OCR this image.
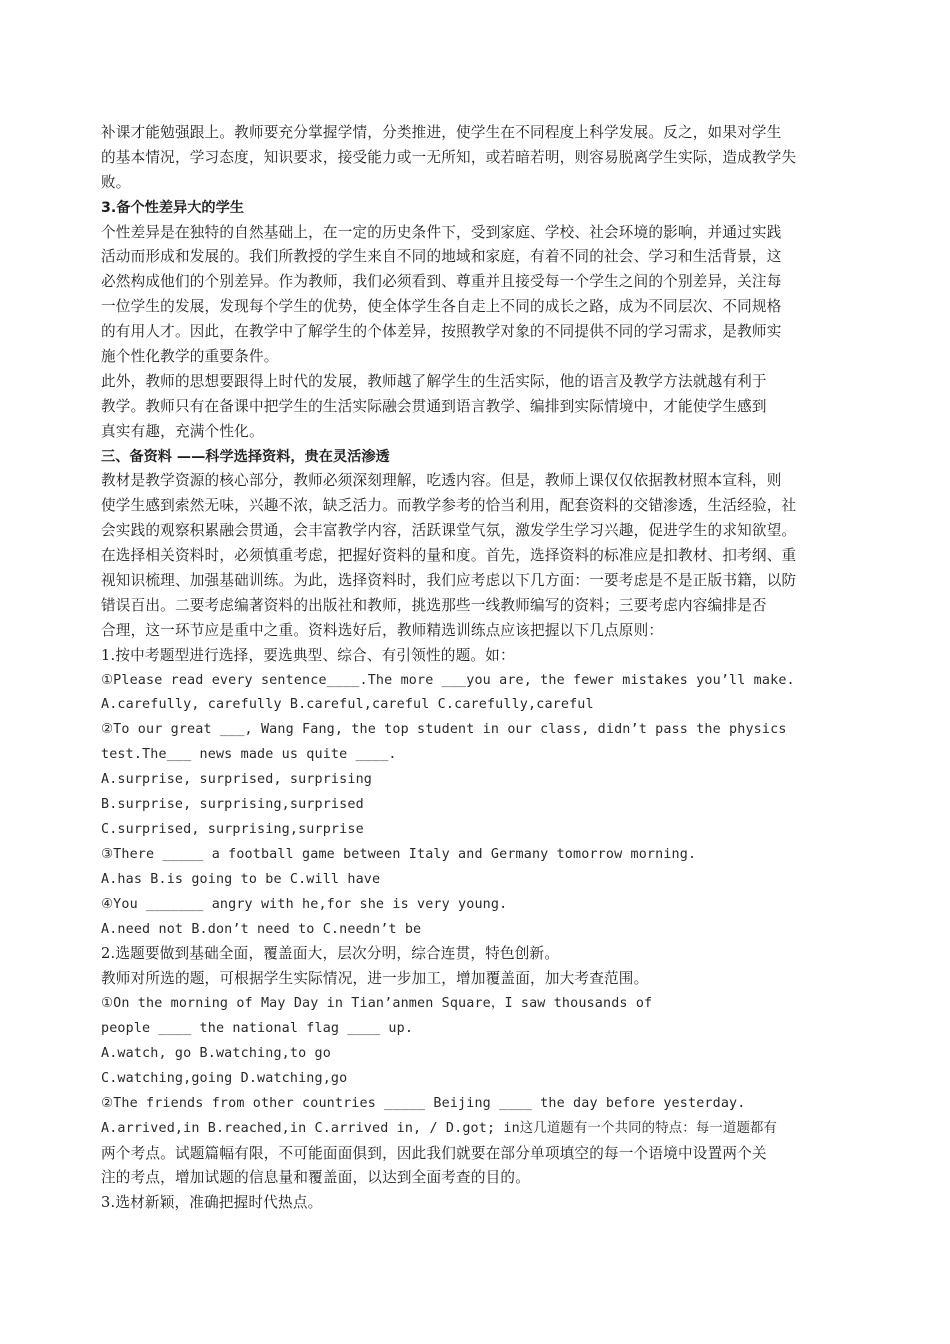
补课才能勉强跟上。教师要充分掌握学情，分类推进，使学生在不同程度上科学发展。反之，如果对学生
的基本情况，学习态度，知识要求，接受能力或一无所知，或若暗若明，则容易脱离学生实际，造成教学失
败。
3.备个性差异大的学生
个性差异是在独特的自然基础上，在一定的历史条件下，受到家庭、学校、社会环境的影响，并通过实践
活动而形成和发展的。我们所教授的学生来自不同的地域和家庭，有着不同的社会、学习和生活背景，这
必然构成他们的个别差异。作为教师，我们必须看到、尊重并且接受每一个学生之间的个别差异，关注每
一位学生的发展，发现每个学生的优势，使全体学生各自走上不同的成长之路，成为不同层次、不同规格
的有用人才。因此，在教学中了解学生的个体差异，按照教学对象的不同提供不同的学习需求，是教师实
施个性化教学的重要条件。
此外，教师的思想要跟得上时代的发展，教师越了解学生的生活实际，他的语言及教学方法就越有利于
教学。教师只有在备课中把学生的生活实际融会贯通到语言教学、编排到实际情境中，才能使学生感到
真实有趣，充满个性化。
三、备资料 ——科学选择资料，贵在灵活渗透
教材是教学资源的核心部分，教师必须深刻理解，吃透内容。但是，教师上课仅仅依据教材照本宣科，则
使学生感到索然无味，兴趣不浓，缺乏活力。而教学参考的恰当利用，配套资料的交错渗透，生活经验，社
会实践的观察积累融会贯通，会丰富教学内容，活跃课堂气氛，激发学生学习兴趣，促进学生的求知欲望。
在选择相关资料时，必须慎重考虑，把握好资料的量和度。首先，选择资料的标准应是扣教材、扣考纲、重
视知识梳理、加强基础训练。为此，选择资料时，我们应考虑以下几方面：一要考虑是不是正版书籍，以防
错误百出。二要考虑编著资料的出版社和教师，挑选那些一线教师编写的资料；三要考虑内容编排是否
合理，这一环节应是重中之重。资料选好后，教师精选训练点应该把握以下几点原则：
1.按中考题型进行选择，要选典型、综合、有引领性的题。如：
①Please read every sentence____.The more ___you are, the fewer mistakes you’ll make.
A.carefully, carefully B.careful,careful C.carefully,careful
②To our great ___, Wang Fang, the top student in our class, didn’t pass the physics
test.The___ news made us quite ____.
A.surprise, surprised, surprising
B.surprise, surprising,surprised
C.surprised, surprising,surprise
③There _____ a football game between Italy and Germany tomorrow morning.
A.has B.is going to be C.will have
④You _______ angry with he,for she is very young.
A.need not B.don’t need to C.needn’t be
2.选题要做到基础全面，覆盖面大，层次分明，综合连贯，特色创新。
教师对所选的题，可根据学生实际情况，进一步加工，增加覆盖面，加大考查范围。
①On the morning of May Day in Tian’anmen Square，I saw thousands of
people ____ the national flag ____ up.
A.watch, go B.watching,to go
C.watching,going D.watching,go
②The friends from other countries _____ Beijing ____ the day before yesterday.
A.arrived,in B.reached,in C.arrived in, / D.got; in这几道题有一个共同的特点：每一道题都有
两个考点。试题篇幅有限，不可能面面俱到，因此我们就要在部分单项填空的每一个语境中设置两个关
注的考点，增加试题的信息量和覆盖面，以达到全面考查的目的。
3.选材新颖，准确把握时代热点。
